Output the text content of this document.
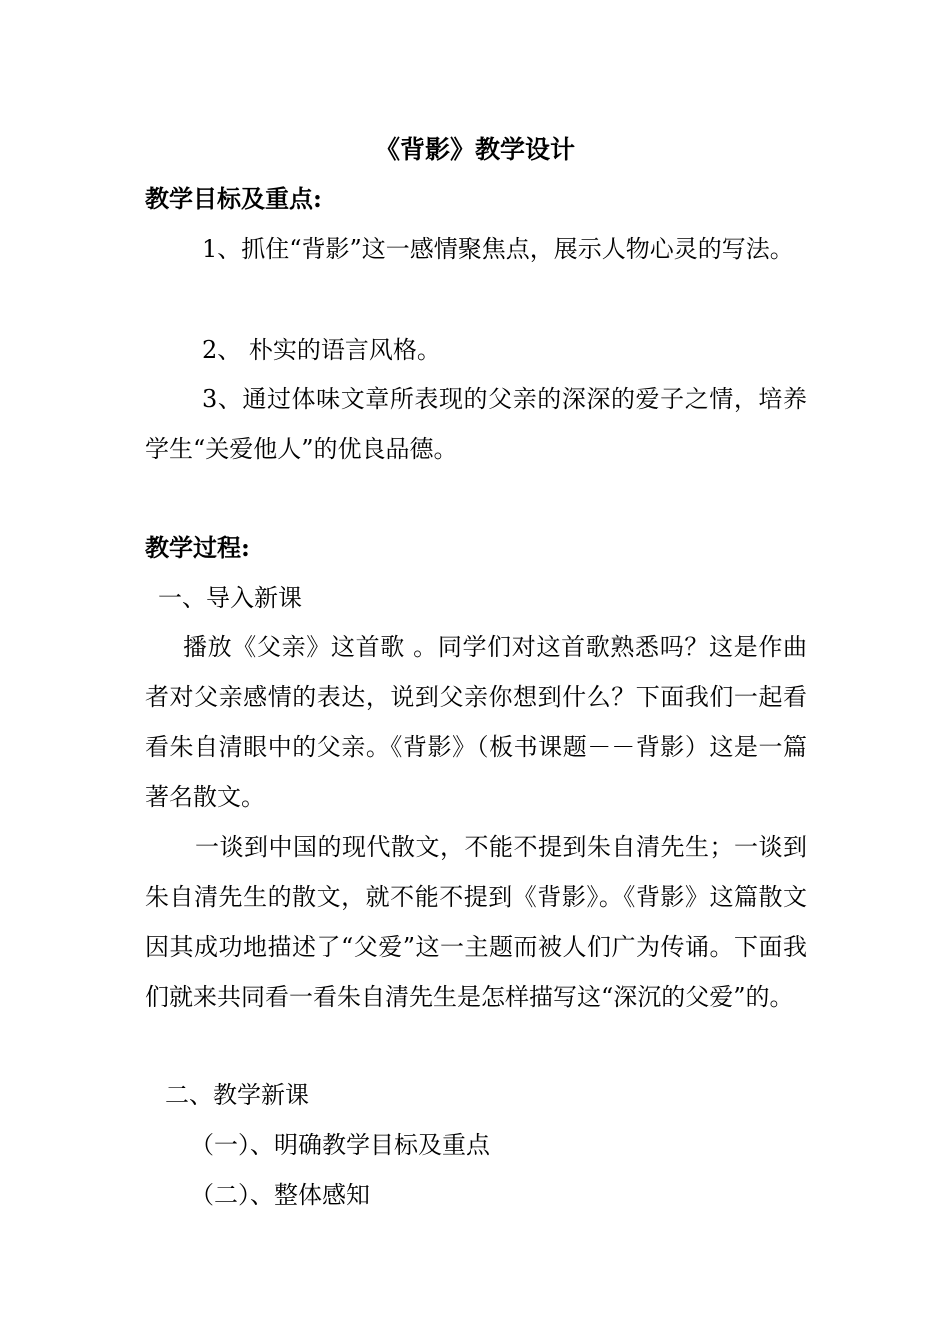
《背影》教学设计
教学目标及重点:
1、抓住“背影”这一感情聚焦点，展示人物心灵的写法。
2、 朴实的语言风格。
3、通过体味文章所表现的父亲的深深的爱子之情，培养学生“关爱他人”的优良品德。
教学过程:
一、导入新课
播放《父亲》这首歌 。同学们对这首歌熟悉吗？这是作曲者对父亲感情的表达，说到父亲你想到什么？下面我们一起看看朱自清眼中的父亲。《背影》（板书课题－－背影）这是一篇著名散文。
一谈到中国的现代散文，不能不提到朱自清先生；一谈到朱自清先生的散文，就不能不提到《背影》。《背影》这篇散文因其成功地描述了“父爱”这一主题而被人们广为传诵。下面我们就来共同看一看朱自清先生是怎样描写这“深沉的父爱”的。
二、教学新课
（一）、明确教学目标及重点
（二）、整体感知
